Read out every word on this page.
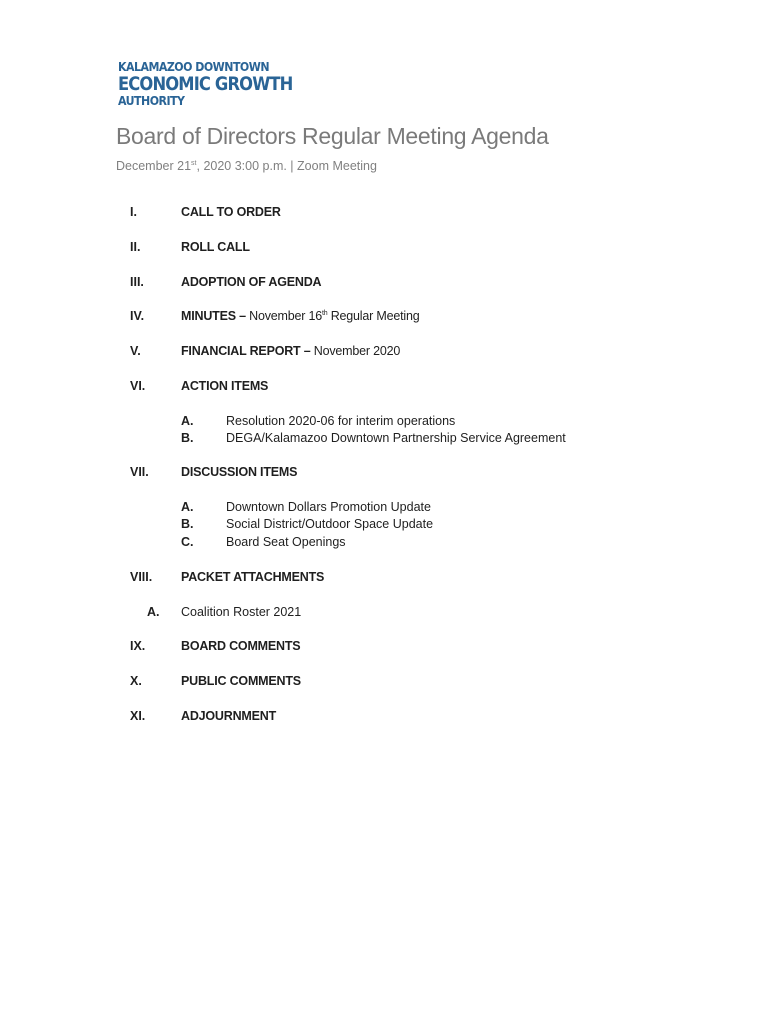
KALAMAZOO DOWNTOWN
ECONOMIC GROWTH
AUTHORITY
Board of Directors Regular Meeting Agenda
December 21st, 2020 3:00 p.m. | Zoom Meeting
I.	CALL TO ORDER
II.	ROLL CALL
III.	ADOPTION OF AGENDA
IV.	MINUTES – November 16th Regular Meeting
V.	FINANCIAL REPORT – November 2020
VI.	ACTION ITEMS
A.	Resolution 2020-06 for interim operations
B.	DEGA/Kalamazoo Downtown Partnership Service Agreement
VII.	DISCUSSION ITEMS
A.	Downtown Dollars Promotion Update
B.	Social District/Outdoor Space Update
C.	Board Seat Openings
VIII. PACKET ATTACHMENTS
A. Coalition Roster 2021
IX.	BOARD COMMENTS
X.	PUBLIC COMMENTS
XI.	ADJOURNMENT
